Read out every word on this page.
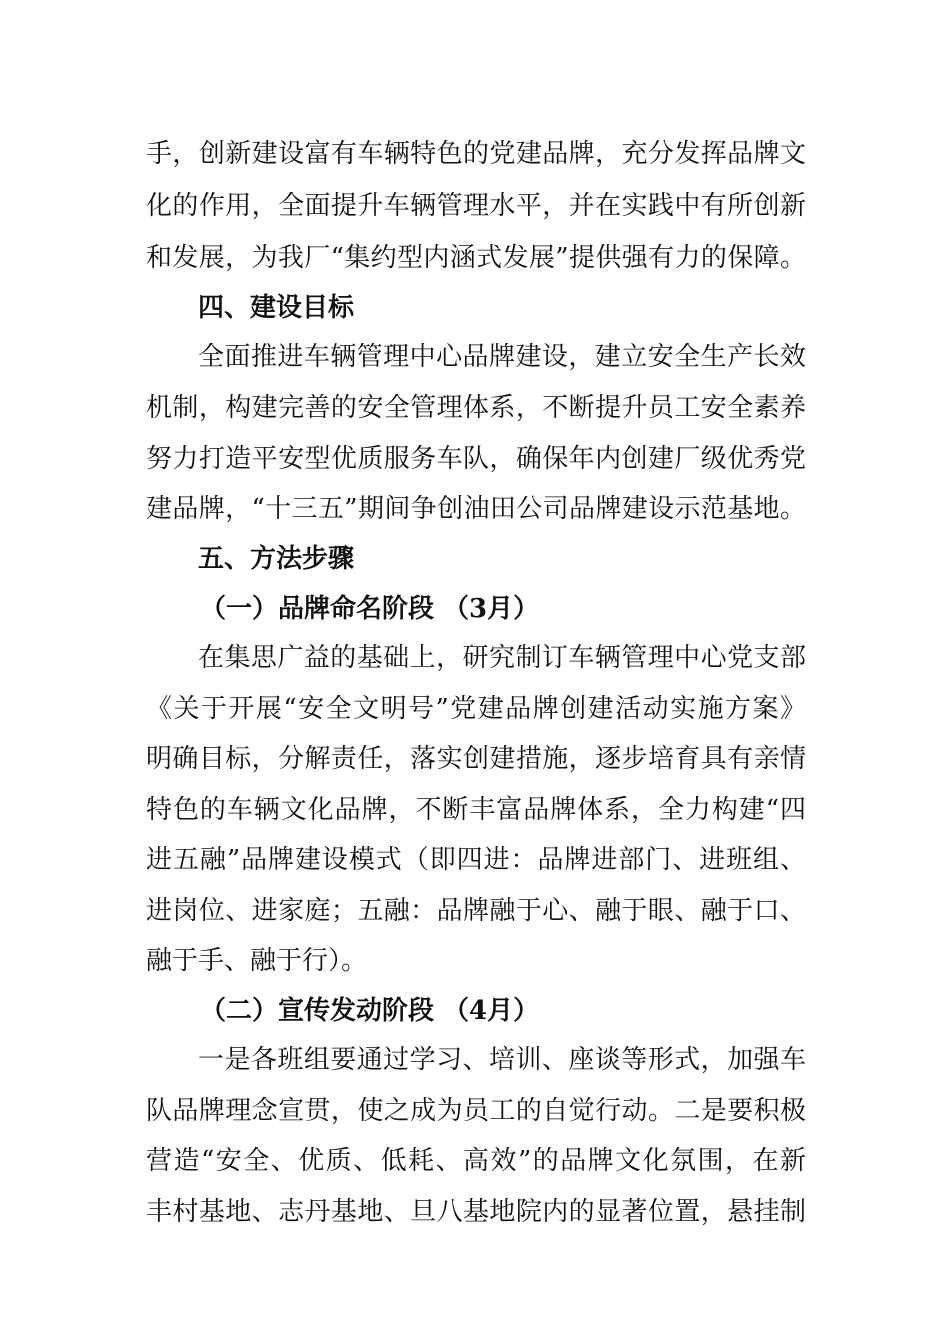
手，创新建设富有车辆特色的党建品牌，充分发挥品牌文
化的作用，全面提升车辆管理水平，并在实践中有所创新
和发展，为我厂“集约型内涵式发展”提供强有力的保障。
四、建设目标
全面推进车辆管理中心品牌建设，建立安全生产长效
机制，构建完善的安全管理体系，不断提升员工安全素养
努力打造平安型优质服务车队，确保年内创建厂级优秀党
建品牌，“十三五”期间争创油田公司品牌建设示范基地。
五、方法步骤
（一）品牌命名阶段 （3月）
在集思广益的基础上，研究制订车辆管理中心党支部
《关于开展“安全文明号”党建品牌创建活动实施方案》
明确目标，分解责任，落实创建措施，逐步培育具有亲情
特色的车辆文化品牌，不断丰富品牌体系，全力构建“四
进五融”品牌建设模式（即四进：品牌进部门、进班组、
进岗位、进家庭；五融：品牌融于心、融于眼、融于口、
融于手、融于行）。
（二）宣传发动阶段 （4月）
一是各班组要通过学习、培训、座谈等形式，加强车
队品牌理念宣贯，使之成为员工的自觉行动。二是要积极
营造“安全、优质、低耗、高效”的品牌文化氛围，在新
丰村基地、志丹基地、旦八基地院内的显著位置，悬挂制
